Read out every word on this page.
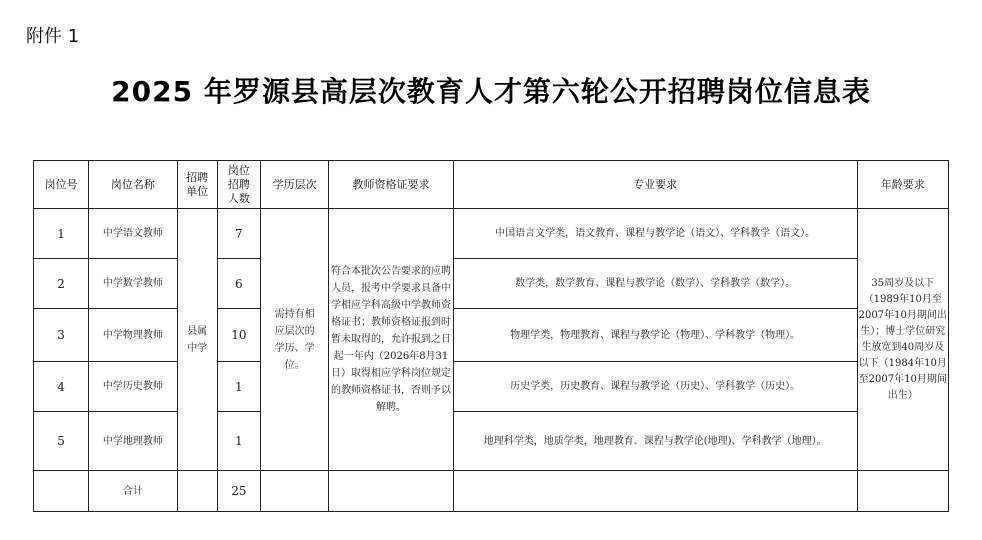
附件 1
2025 年罗源县高层次教育人才第六轮公开招聘岗位信息表
岗位号	岗位名称	招聘单位	岗位招聘人数	学历层次	教师资格证要求	专业要求	年龄要求
1	中学语文教师	县属中学	7	需持有相应层次的学历、学位。	符合本批次公告要求的应聘人员，报考中学要求具备中学相应学科高级中学教师资格证书；教师资格证报到时暂未取得的，允许报到之日起一年内（2026年8月31日）取得相应学科岗位规定的教师资格证书，否则予以解聘。	中国语言文学类，语文教育、课程与教学论（语文）、学科教学（语文）。	35周岁及以下（1989年10月至2007年10月期间出生）；博士学位研究生放宽到40周岁及以下（1984年10月至2007年10月期间出生）
2	中学数学教师		6			数学类，数学教育、课程与教学论（数学）、学科教学（数学）。	
3	中学物理教师		10			物理学类，物理教育、课程与教学论（物理）、学科教学（物理）。	
4	中学历史教师		1			历史学类，历史教育、课程与教学论（历史）、学科教学（历史）。	
5	中学地理教师		1			地理科学类，地质学类，地理教育、课程与教学论(地理)、学科教学（地理）。	
	合计		25				
